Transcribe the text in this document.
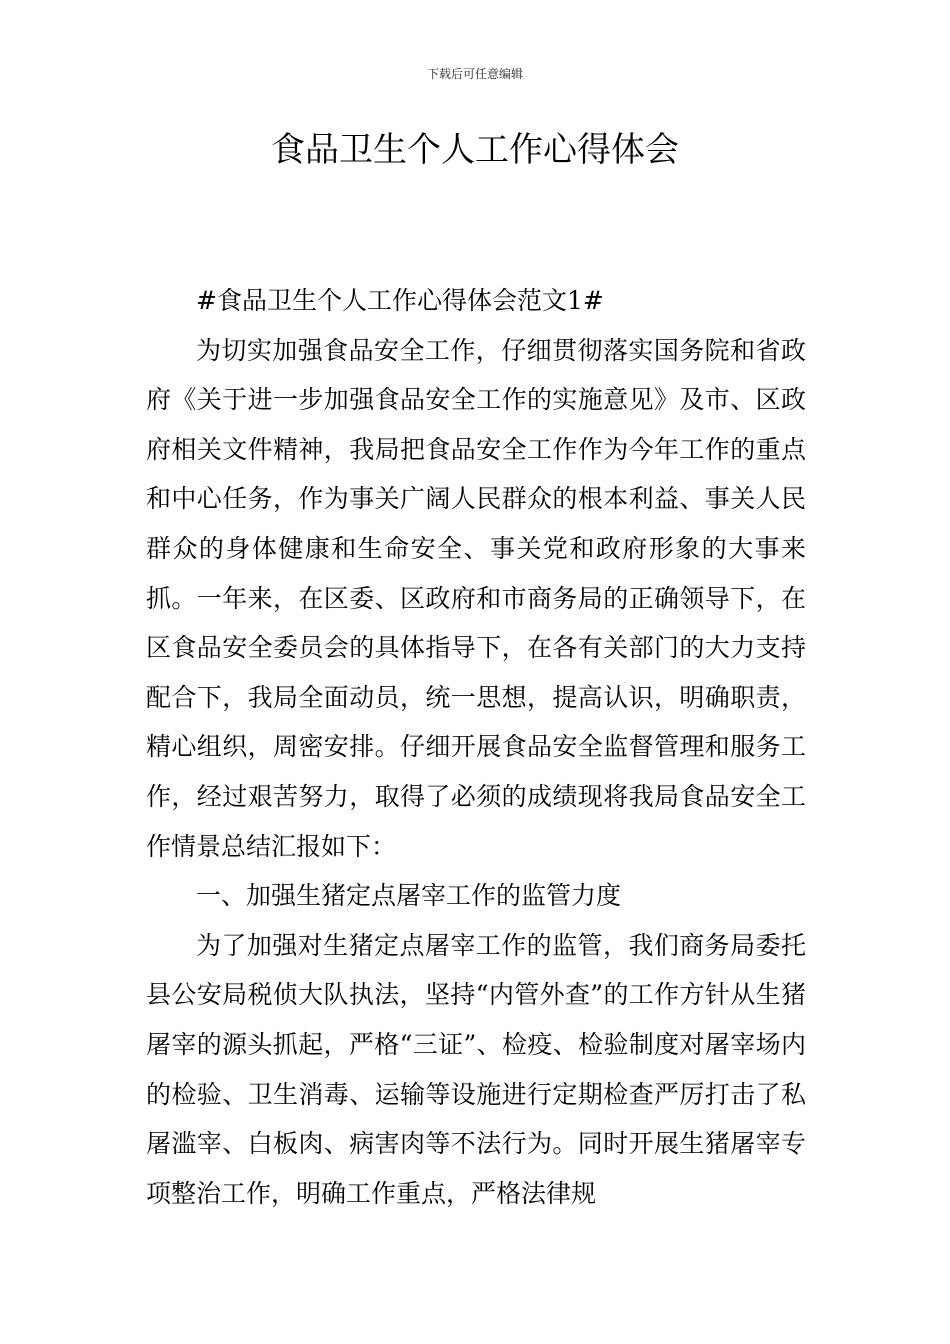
下载后可任意编辑
食品卫生个人工作心得体会

#食品卫生个人工作心得体会范文1#

为切实加强食品安全工作，仔细贯彻落实国务院和省政府《关于进一步加强食品安全工作的实施意见》及市、区政府相关文件精神，我局把食品安全工作作为今年工作的重点和中心任务，作为事关广阔人民群众的根本利益、事关人民群众的身体健康和生命安全、事关党和政府形象的大事来抓。一年来，在区委、区政府和市商务局的正确领导下，在区食品安全委员会的具体指导下，在各有关部门的大力支持配合下，我局全面动员，统一思想，提高认识，明确职责，精心组织，周密安排。仔细开展食品安全监督管理和服务工作，经过艰苦努力，取得了必须的成绩现将我局食品安全工作情景总结汇报如下：

一、加强生猪定点屠宰工作的监管力度

为了加强对生猪定点屠宰工作的监管，我们商务局委托县公安局税侦大队执法，坚持“内管外查”的工作方针从生猪屠宰的源头抓起，严格“三证”、检疫、检验制度对屠宰场内的检验、卫生消毒、运输等设施进行定期检查严厉打击了私屠滥宰、白板肉、病害肉等不法行为。同时开展生猪屠宰专项整治工作，明确工作重点，严格法律规
